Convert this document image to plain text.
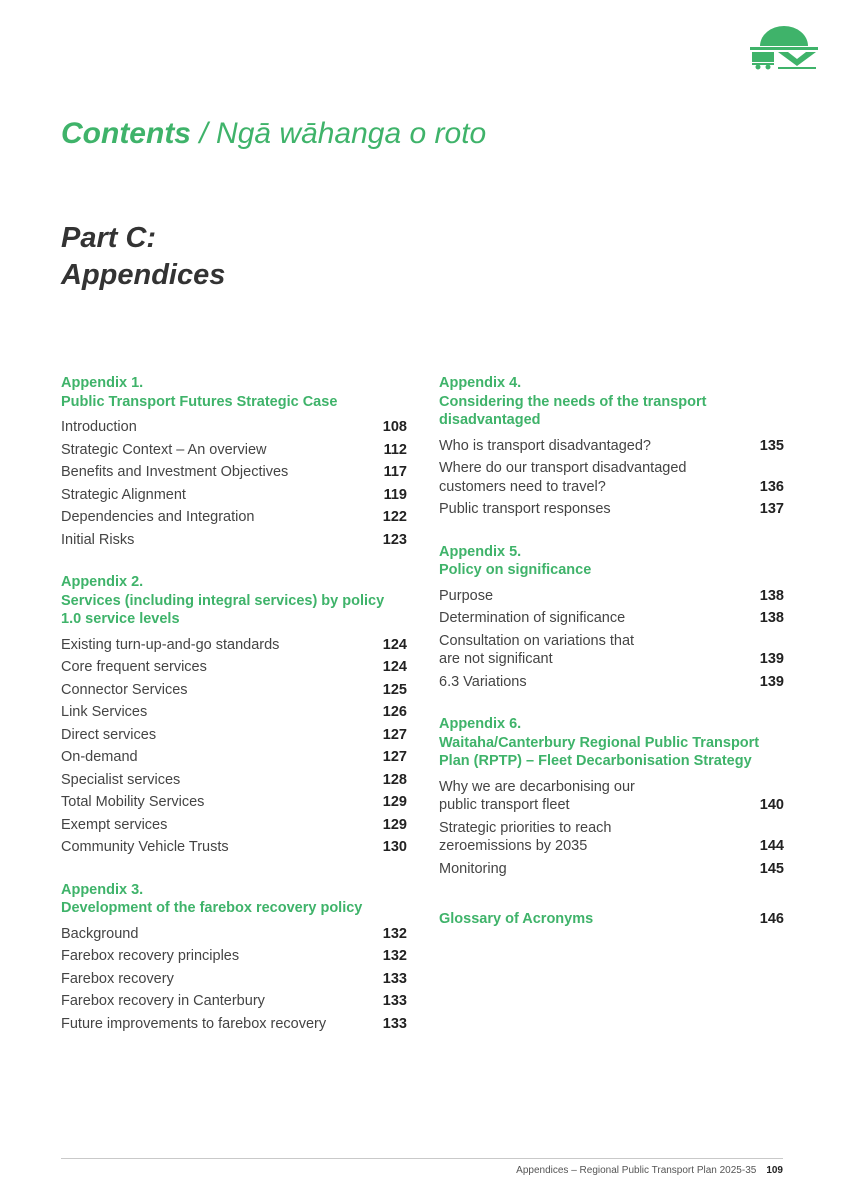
Contents / Ngā wāhanga o roto
Part C:
Appendices
Appendix 1.
Public Transport Futures Strategic Case
Introduction	108
Strategic Context – An overview	112
Benefits and Investment Objectives	117
Strategic Alignment	119
Dependencies and Integration	122
Initial Risks	123
Appendix 2.
Services (including integral services) by policy
1.0 service levels
Existing turn-up-and-go standards	124
Core frequent services	124
Connector Services	125
Link Services	126
Direct services	127
On-demand	127
Specialist services	128
Total Mobility Services	129
Exempt services	129
Community Vehicle Trusts	130
Appendix 3.
Development of the farebox recovery policy
Background	132
Farebox recovery principles	132
Farebox recovery	133
Farebox recovery in Canterbury	133
Future improvements to farebox recovery	133
Appendix 4.
Considering the needs of the transport
disadvantaged
Who is transport disadvantaged?	135
Where do our transport disadvantaged
customers need to travel?	136
Public transport responses	137
Appendix 5.
Policy on significance
Purpose	138
Determination of significance	138
Consultation on variations that
are not significant	139
6.3 Variations	139
Appendix 6.
Waitaha/Canterbury Regional Public Transport
Plan (RPTP) – Fleet Decarbonisation Strategy
Why we are decarbonising our
public transport fleet	140
Strategic priorities to reach
zeroemissions by 2035	144
Monitoring	145
Glossary of Acronyms	146
Appendices – Regional Public Transport Plan 2025-35 109
